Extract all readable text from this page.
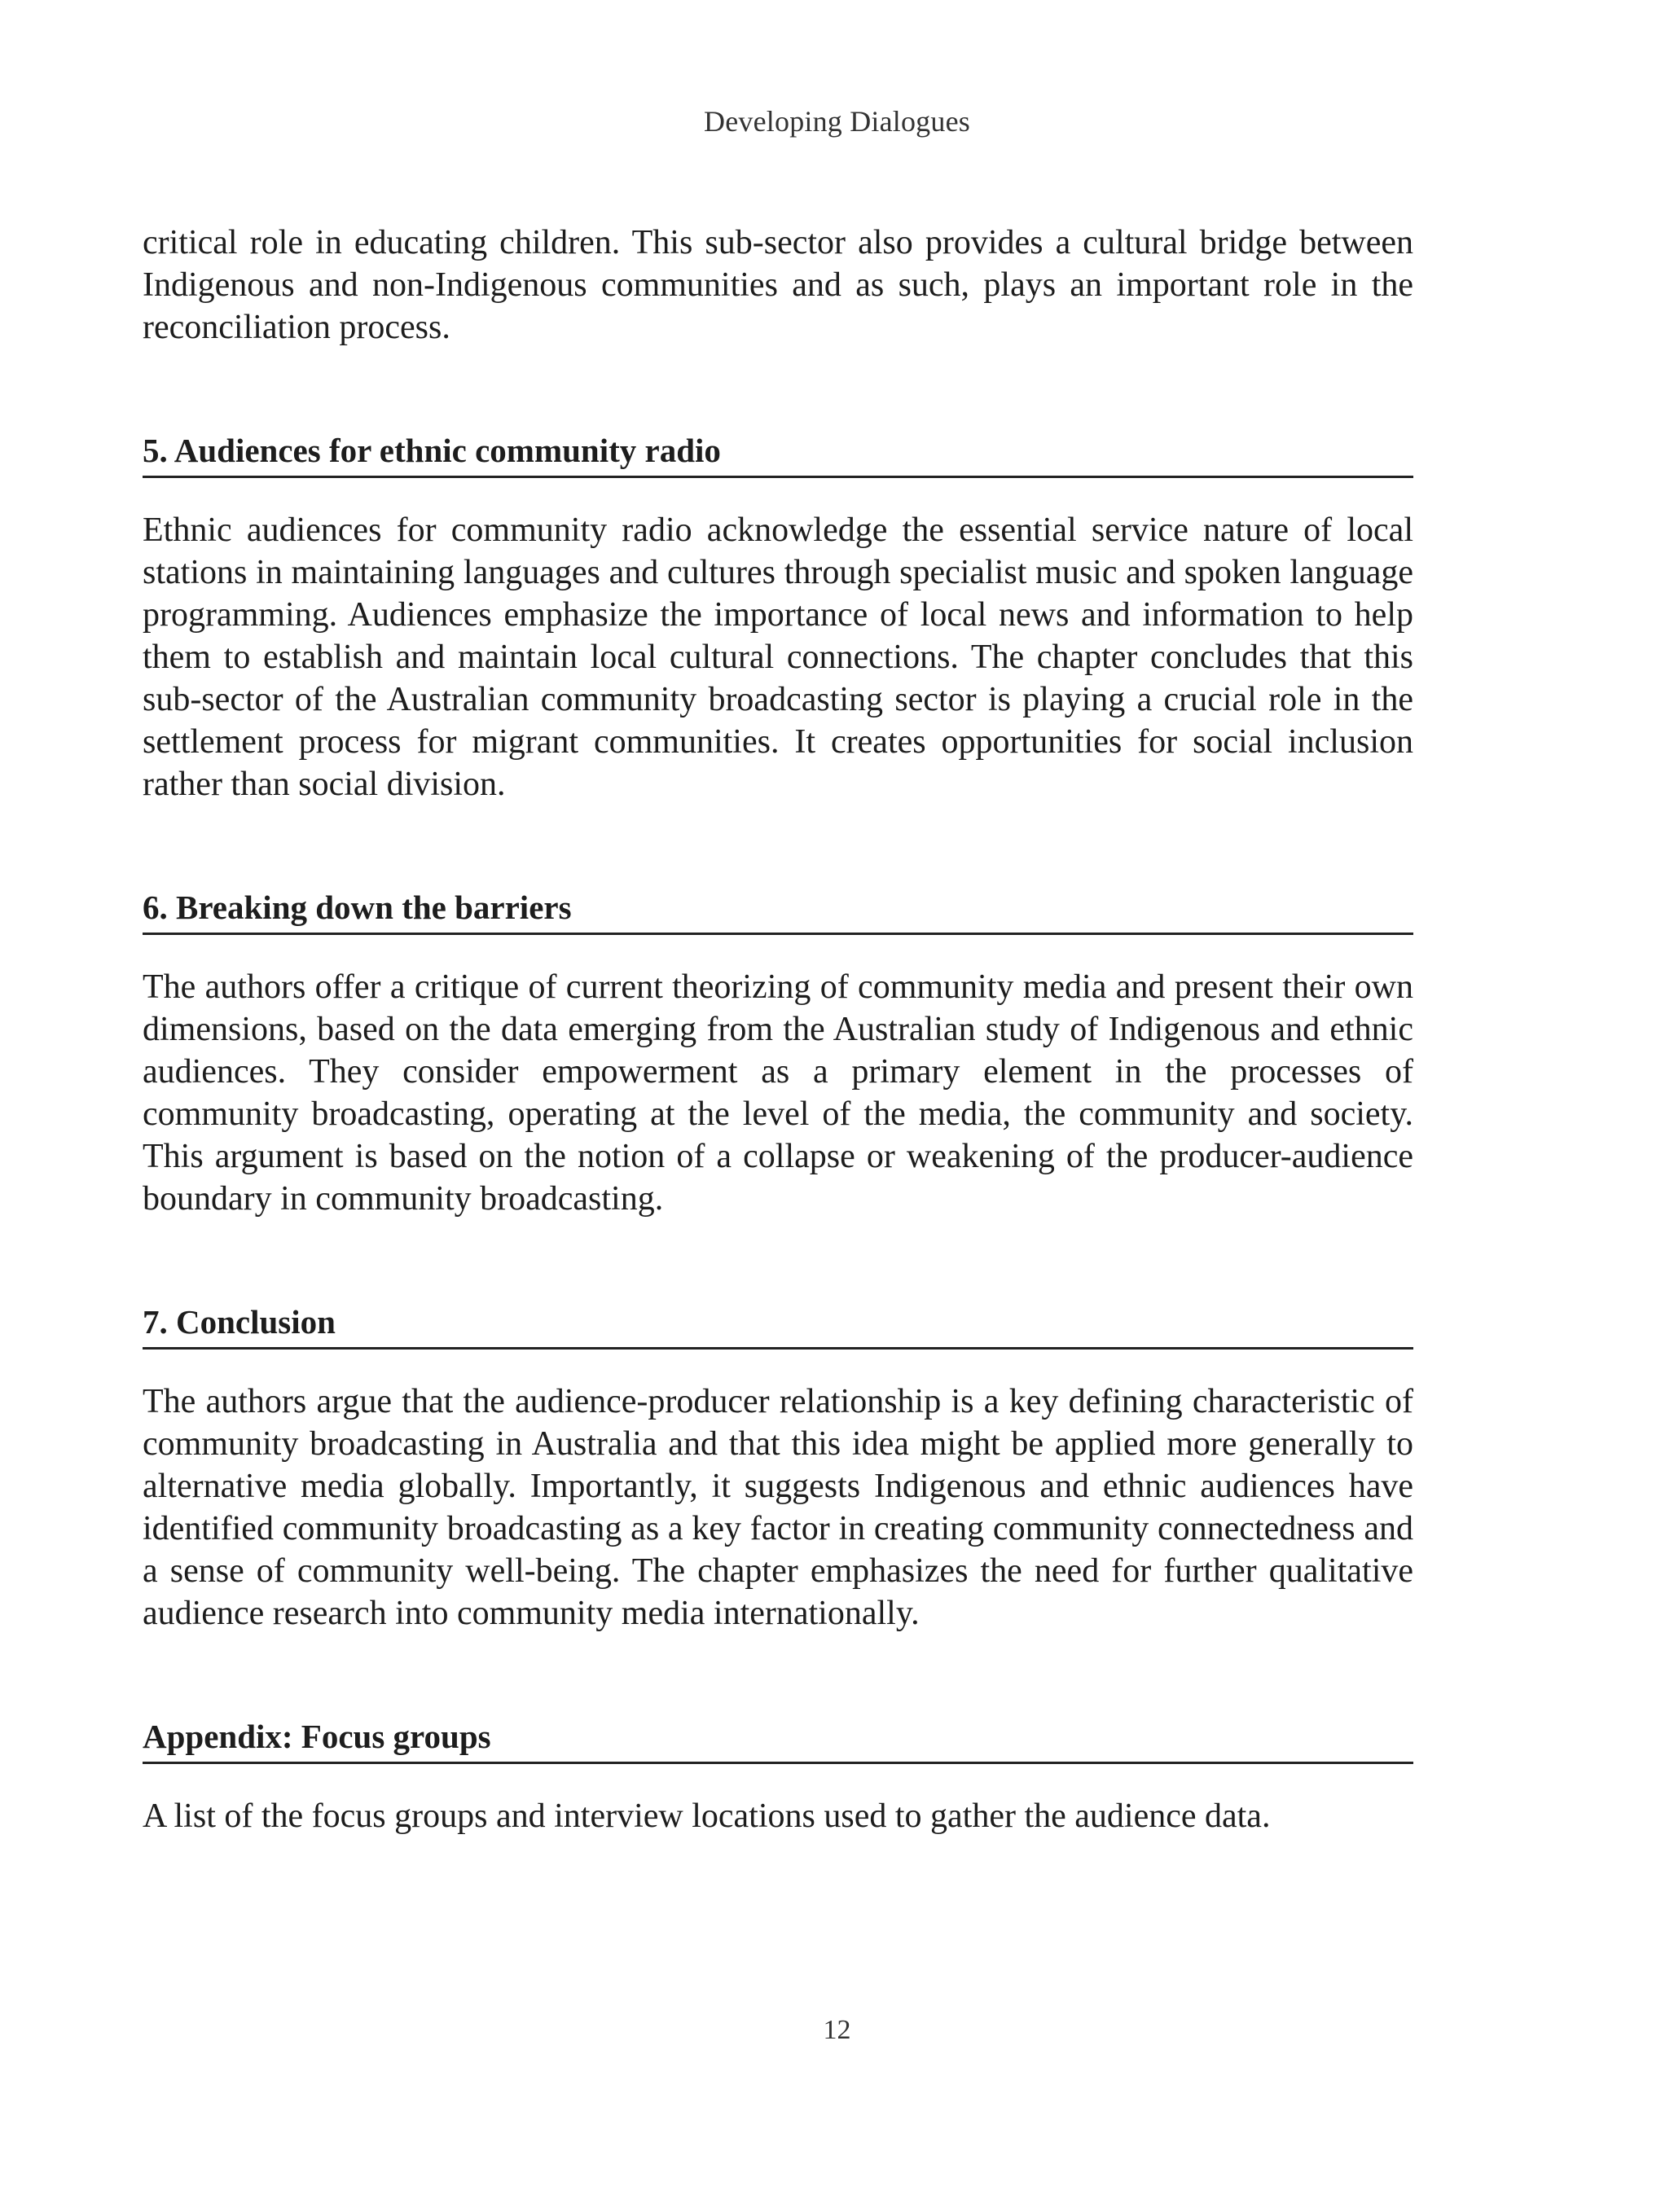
Developing Dialogues

critical role in educating children. This sub-sector also provides a cultural bridge between Indigenous and non-Indigenous communities and as such, plays an important role in the reconciliation process.

5. Audiences for ethnic community radio

Ethnic audiences for community radio acknowledge the essential service nature of local stations in maintaining languages and cultures through specialist music and spoken language programming. Audiences emphasize the importance of local news and information to help them to establish and maintain local cultural connections. The chapter concludes that this sub-sector of the Australian community broadcasting sector is playing a crucial role in the settlement process for migrant communities. It creates opportunities for social inclusion rather than social division.

6. Breaking down the barriers

The authors offer a critique of current theorizing of community media and present their own dimensions, based on the data emerging from the Australian study of Indigenous and ethnic audiences. They consider empowerment as a primary element in the processes of community broadcasting, operating at the level of the media, the community and society. This argument is based on the notion of a collapse or weakening of the producer-audience boundary in community broadcasting.

7. Conclusion

The authors argue that the audience-producer relationship is a key defining characteristic of community broadcasting in Australia and that this idea might be applied more generally to alternative media globally. Importantly, it suggests Indigenous and ethnic audiences have identified community broadcasting as a key factor in creating community connectedness and a sense of community well-being. The chapter emphasizes the need for further qualitative audience research into community media internationally.

Appendix: Focus groups

A list of the focus groups and interview locations used to gather the audience data.

12
